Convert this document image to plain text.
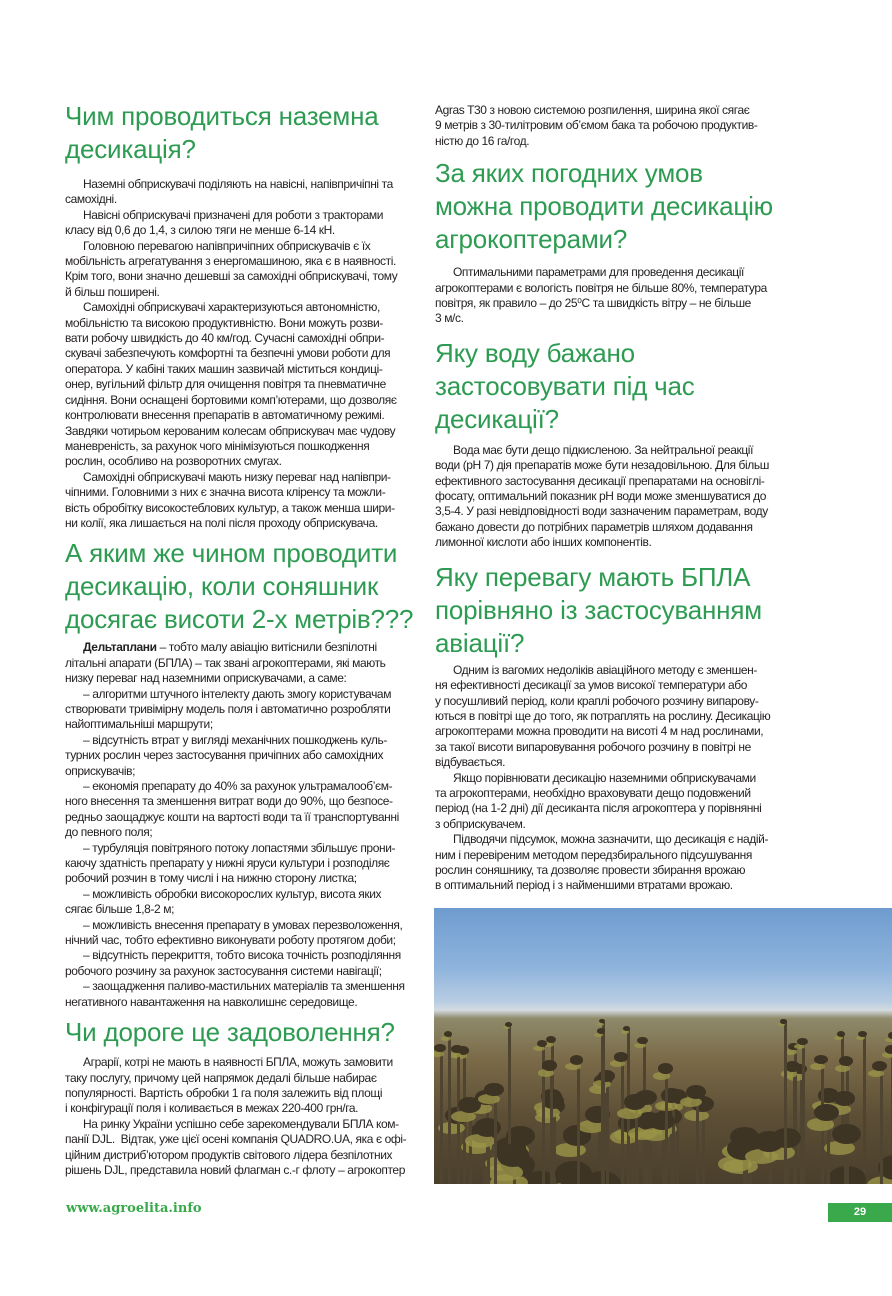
Чим проводиться наземна
десикація?

Наземні обприскувачі поділяють на навісні, напівпричіпні та
самохідні.

Навісні обприскувачі призначені для роботи з тракторами
класу від 0,6 до 1,4, з силою тяги не менше 6-14 кН.

Головною перевагою напівпричіпних обприскувачів є їх
мобільність агрегатування з енергомашиною, яка є в наявності.
Крім того, вони значно дешевші за самохідні обприскувачі, тому
й більш поширені.

Самохідні обприскувачі характеризуються автономністю,
мобільністю та високою продуктивністю. Вони можуть розви-
вати робочу швидкість до 40 км/год. Сучасні самохідні обпри-
скувачі забезпечують комфортні та безпечні умови роботи для
оператора. У кабіні таких машин зазвичай міститься кондиці-
онер, вугільний фільтр для очищення повітря та пневматичне
сидіння. Вони оснащені бортовими комп’ютерами, що дозволяє
контролювати внесення препаратів в автоматичному режимі.
Завдяки чотирьом керованим колесам обприскувач має чудову
маневреність, за рахунок чого мінімізуються пошкодження
рослин, особливо на розворотних смугах.

Самохідні обприскувачі мають низку переваг над напівпри-
чіпними. Головними з них є значна висота кліренсу та можли-
вість обробітку високостеблових культур, а також менша шири-
ни колії, яка лишається на полі після проходу обприскувача.

А яким же чином проводити
десикацію, коли соняшник
досягає висоти 2-х метрів???

Дельтаплани – тобто малу авіацію витіснили безпілотні
літальні апарати (БПЛА) – так звані агрокоптерами, які мають
низку переваг над наземними оприскувачами, а саме:

– алгоритми штучного інтелекту дають змогу користувачам
створювати тривімірну модель поля і автоматично розробляти
найоптимальніші маршрути;

– відсутність втрат у вигляді механічних пошкоджень куль-
турних рослин через застосування причіпних або самохідних
оприскувачів;

– економія препарату до 40% за рахунок ультрамалооб’єм-
ного внесення та зменшення витрат води до 90%, що безпосе-
редньо заощаджує кошти на вартості води та її транспортуванні
до певного поля;

– турбуляція повітряного потоку лопастями збільшує прони-
каючу здатність препарату у нижні яруси культури і розподіляє
робочий розчин в тому числі і на нижню сторону листка;

– можливість обробки високорослих культур, висота яких
сягає більше 1,8-2 м;

– можливість внесення препарату в умовах перезволоження,
нічний час, тобто ефективно виконувати роботу протягом доби;

– відсутність перекриття, тобто висока точність розподіляння
робочого розчину за рахунок застосування системи навігації;

– заощадження паливо-мастильних матеріалів та зменшення
негативного навантаження на навколишнє середовище.

Чи дороге це задоволення?

Аграрії, котрі не мають в наявності БПЛА, можуть замовити
таку послугу, причому цей напрямок дедалі більше набирає
популярності. Вартість обробки 1 га поля залежить від площі
і конфігурації поля і коливається в межах 220-400 грн/га.

На ринку України успішно себе зарекомендували БПЛА ком-
панії DJL.  Відтак, уже цієї осені компанія QUADRO.UA, яка є офі-
ційним дистриб’ютором продуктів світового лідера безпілотних
рішень DJL, представила новий флагман с.-г флоту – агрокоптер

Agras T30 з новою системою розпилення, ширина якої сягає
9 метрів з 30-тилітровим об’ємом бака та робочою продуктив-
ністю до 16 га/год.

За яких погодних умов
можна проводити десикацію
агрокоптерами?

Оптимальними параметрами для проведення десикації
агрокоптерами є вологість повітря не більше 80%, температура
повітря, як правило – до 25⁰С та швидкість вітру – не більше
3 м/с.

Яку воду бажано
застосовувати під час
десикації?

Вода має бути дещо підкисленою. За нейтральної реакції
води (рН 7) дія препаратів може бути незадовільною. Для більш
ефективного застосування десикації препаратами на основіглі-
фосату, оптимальний показник рН води може зменшуватися до
3,5-4. У разі невідповідності води зазначеним параметрам, воду
бажано довести до потрібних параметрів шляхом додавання
лимонної кислоти або інших компонентів.

Яку перевагу мають БПЛА
порівняно із застосуванням
авіації?

Одним із вагомих недоліків авіаційного методу є зменшен-
ня ефективності десикації за умов високої температури або
у посушливий період, коли краплі робочого розчину випарову-
ються в повітрі ще до того, як потраплять на рослину. Десикацію
агрокоптерами можна проводити на висоті 4 м над рослинами,
за такої висоти випаровування робочого розчину в повітрі не
відбувається.

Якщо порівнювати десикацію наземними обприскувачами
та агрокоптерами, необхідно враховувати дещо подовжений
період (на 1-2 дні) дії десиканта після агрокоптера у порівнянні
з обприскувачем.

Підводячи підсумок, можна зазначити, що десикація є надій-
ним і перевіреним методом передзбирального підсушування
рослин соняшнику, та дозволяє провести збирання врожаю
в оптимальний період і з найменшими втратами врожаю.

www.agroelita.info	29
